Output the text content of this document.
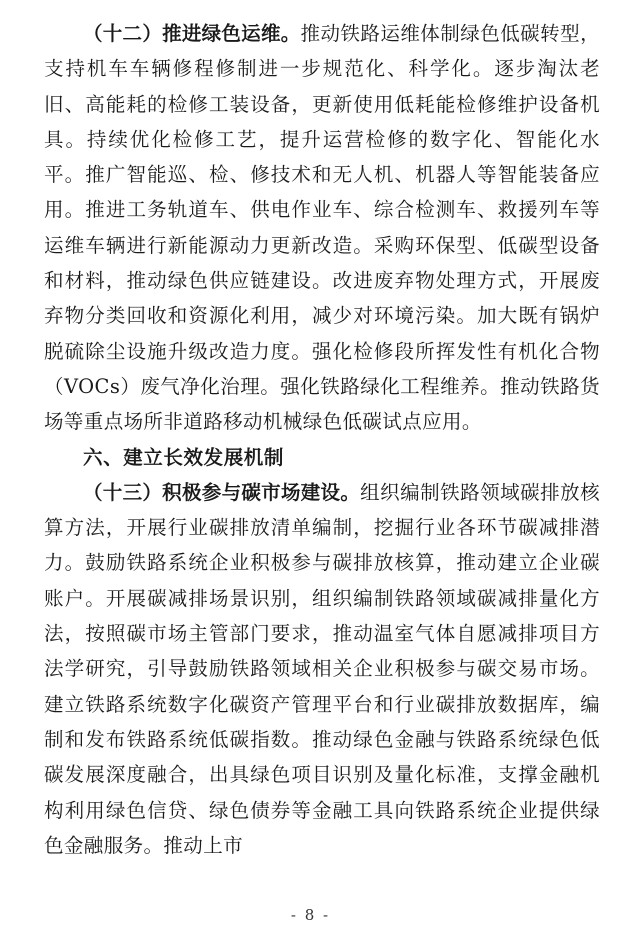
（十二）推进绿色运维。推动铁路运维体制绿色低碳转型，支持机车车辆修程修制进一步规范化、科学化。逐步淘汰老旧、高能耗的检修工装设备，更新使用低耗能检修维护设备机具。持续优化检修工艺，提升运营检修的数字化、智能化水平。推广智能巡、检、修技术和无人机、机器人等智能装备应用。推进工务轨道车、供电作业车、综合检测车、救援列车等运维车辆进行新能源动力更新改造。采购环保型、低碳型设备和材料，推动绿色供应链建设。改进废弃物处理方式，开展废弃物分类回收和资源化利用，减少对环境污染。加大既有锅炉脱硫除尘设施升级改造力度。强化检修段所挥发性有机化合物（VOCs）废气净化治理。强化铁路绿化工程维养。推动铁路货场等重点场所非道路移动机械绿色低碳试点应用。

六、建立长效发展机制

（十三）积极参与碳市场建设。组织编制铁路领域碳排放核算方法，开展行业碳排放清单编制，挖掘行业各环节碳减排潜力。鼓励铁路系统企业积极参与碳排放核算，推动建立企业碳账户。开展碳减排场景识别，组织编制铁路领域碳减排量化方法，按照碳市场主管部门要求，推动温室气体自愿减排项目方法学研究，引导鼓励铁路领域相关企业积极参与碳交易市场。建立铁路系统数字化碳资产管理平台和行业碳排放数据库，编制和发布铁路系统低碳指数。推动绿色金融与铁路系统绿色低碳发展深度融合，出具绿色项目识别及量化标准，支撑金融机构利用绿色信贷、绿色债券等金融工具向铁路系统企业提供绿色金融服务。推动上市

- 8 -
